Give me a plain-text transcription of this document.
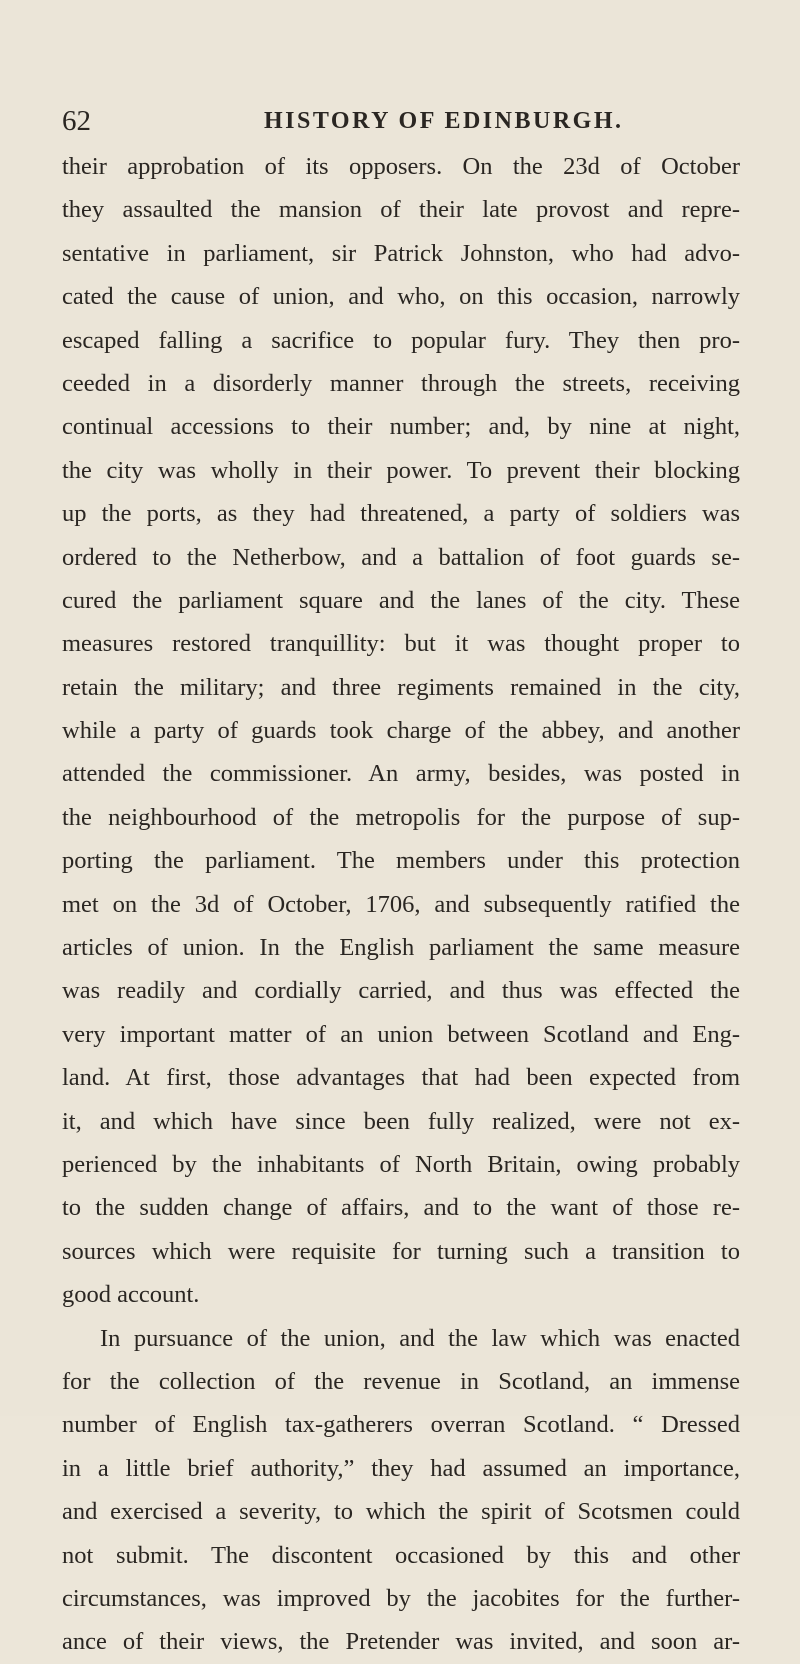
62	HISTORY OF EDINBURGH.
their approbation of its opposers. On the 23d of October
they assaulted the mansion of their late provost and repre-
sentative in parliament, sir Patrick Johnston, who had advo-
cated the cause of union, and who, on this occasion, narrowly
escaped falling a sacrifice to popular fury. They then pro-
ceeded in a disorderly manner through the streets, receiving
continual accessions to their number; and, by nine at night,
the city was wholly in their power. To prevent their blocking
up the ports, as they had threatened, a party of soldiers was
ordered to the Netherbow, and a battalion of foot guards se-
cured the parliament square and the lanes of the city. These
measures restored tranquillity: but it was thought proper to
retain the military; and three regiments remained in the city,
while a party of guards took charge of the abbey, and another
attended the commissioner. An army, besides, was posted in
the neighbourhood of the metropolis for the purpose of sup-
porting the parliament. The members under this protection
met on the 3d of October, 1706, and subsequently ratified the
articles of union. In the English parliament the same measure
was readily and cordially carried, and thus was effected the
very important matter of an union between Scotland and Eng-
land. At first, those advantages that had been expected from
it, and which have since been fully realized, were not ex-
perienced by the inhabitants of North Britain, owing probably
to the sudden change of affairs, and to the want of those re-
sources which were requisite for turning such a transition to
good account.
In pursuance of the union, and the law which was enacted
for the collection of the revenue in Scotland, an immense
number of English tax-gatherers overran Scotland. “ Dressed
in a little brief authority,” they had assumed an importance,
and exercised a severity, to which the spirit of Scotsmen could
not submit. The discontent occasioned by this and other
circumstances, was improved by the jacobites for the further-
ance of their views, the Pretender was invited, and soon ar-
